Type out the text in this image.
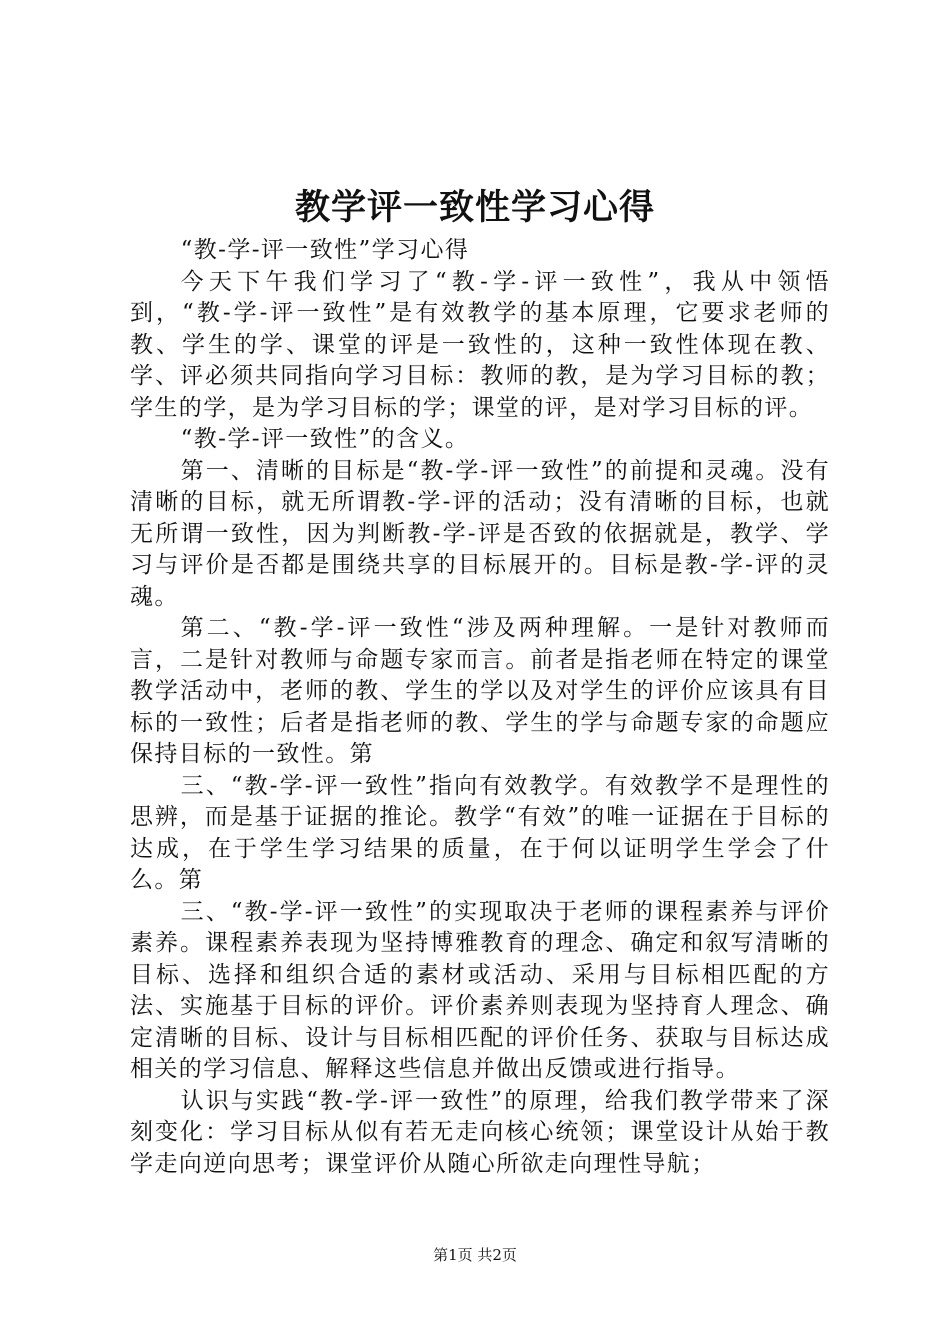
教学评一致性学习心得

“教-学-评一致性”学习心得

今天下午我们学习了“教-学-评一致性”，我从中领悟到，“教-学-评一致性”是有效教学的基本原理，它要求老师的教、学生的学、课堂的评是一致性的，这种一致性体现在教、学、评必须共同指向学习目标：教师的教，是为学习目标的教；学生的学，是为学习目标的学；课堂的评，是对学习目标的评。

“教-学-评一致性”的含义。

第一、清晰的目标是“教-学-评一致性”的前提和灵魂。没有清晰的目标，就无所谓教-学-评的活动；没有清晰的目标，也就无所谓一致性，因为判断教-学-评是否致的依据就是，教学、学习与评价是否都是围绕共享的目标展开的。目标是教-学-评的灵魂。

第二、“教-学-评一致性“涉及两种理解。一是针对教师而言，二是针对教师与命题专家而言。前者是指老师在特定的课堂教学活动中，老师的教、学生的学以及对学生的评价应该具有目标的一致性；后者是指老师的教、学生的学与命题专家的命题应保持目标的一致性。第

三、“教-学-评一致性”指向有效教学。有效教学不是理性的思辨，而是基于证据的推论。教学“有效”的唯一证据在于目标的达成，在于学生学习结果的质量，在于何以证明学生学会了什么。第

三、“教-学-评一致性”的实现取决于老师的课程素养与评价素养。课程素养表现为坚持博雅教育的理念、确定和叙写清晰的目标、选择和组织合适的素材或活动、采用与目标相匹配的方法、实施基于目标的评价。评价素养则表现为坚持育人理念、确定清晰的目标、设计与目标相匹配的评价任务、获取与目标达成相关的学习信息、解释这些信息并做出反馈或进行指导。

认识与实践“教-学-评一致性”的原理，给我们教学带来了深刻变化：学习目标从似有若无走向核心统领；课堂设计从始于教学走向逆向思考；课堂评价从随心所欲走向理性导航；

第1页 共2页
